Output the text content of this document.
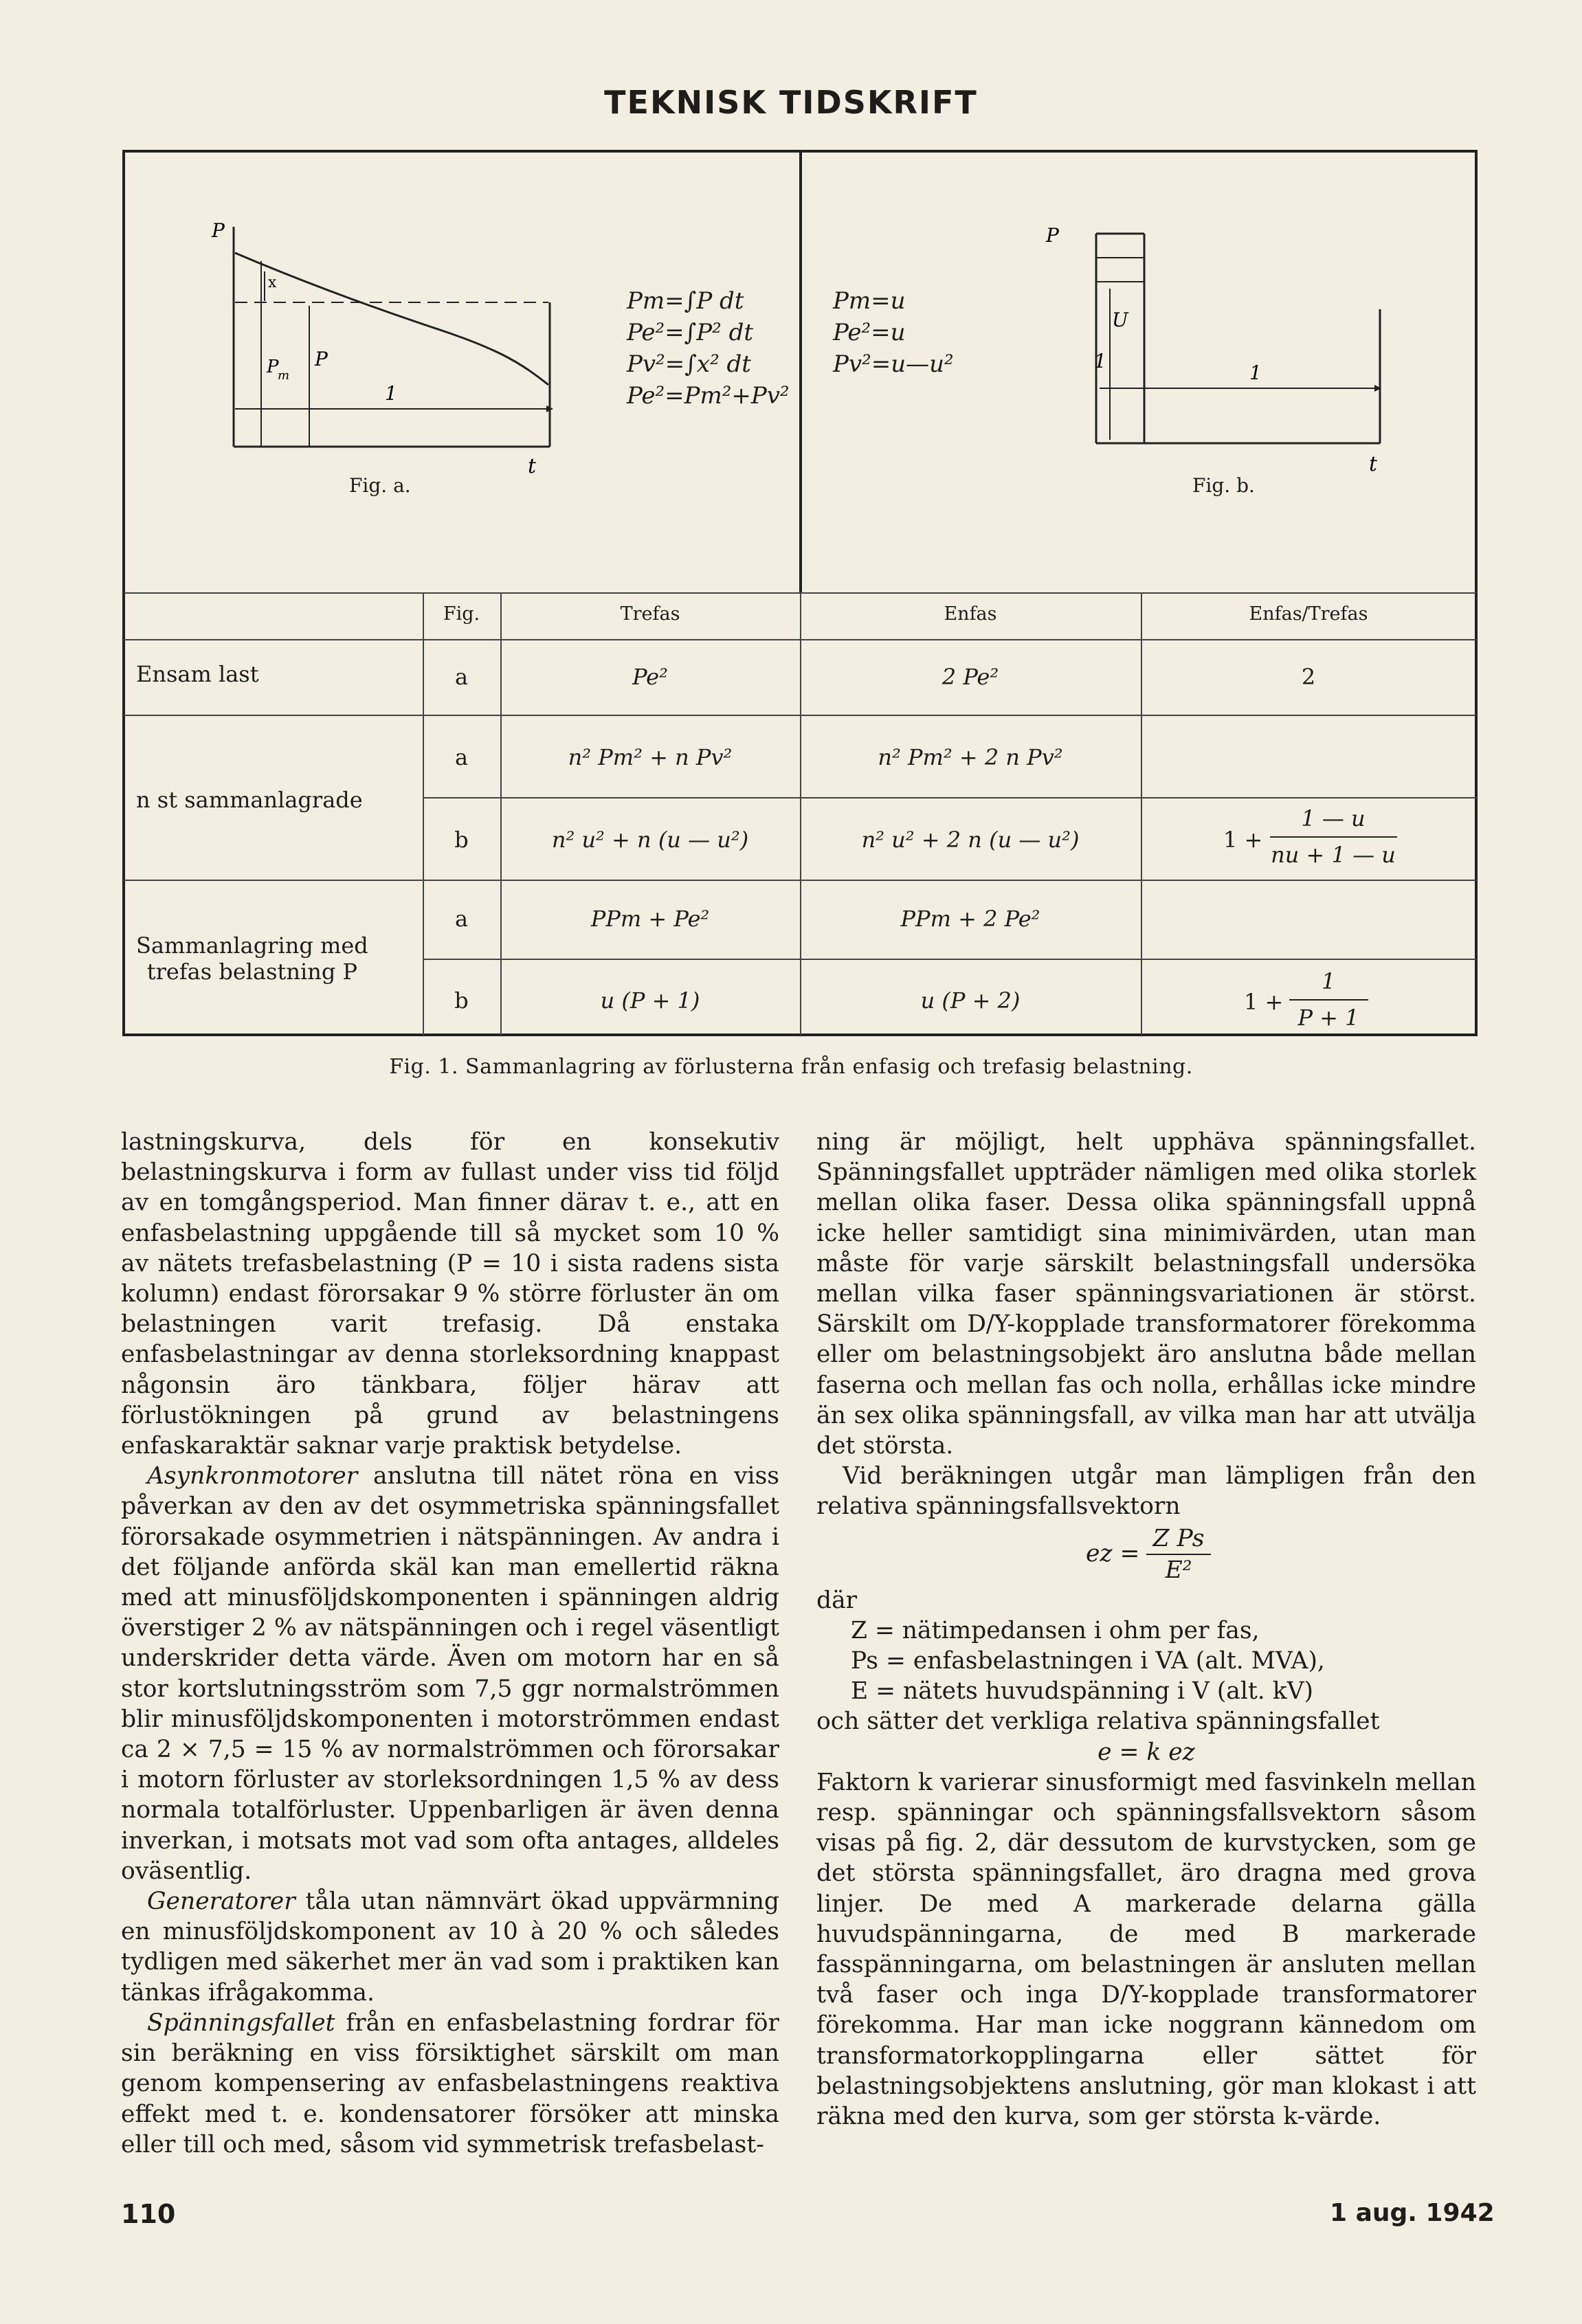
TEKNISK TIDSKRIFT
P
x
P
m
P
1
t
Fig. a.
Pm=∫P dt
Pe²=∫P² dt
Pv²=∫x² dt
Pe²=Pm²+Pv²
Pm=u
Pe²=u
Pv²=u—u²
P
U
1
1
t
Fig. b.
Fig.	Trefas	Enfas	Enfas/Trefas
Ensam last	a	Pe²	2 Pe²	2
n st sammanlagrade
a	n² Pm² + n Pv²	n² Pm² + 2 n Pv²
b	n² u² + n (u — u²)	n² u² + 2 n (u — u²)	1 +
1 — u
nu + 1 — u
Sammanlagring med
trefas belastning P
a	PPm + Pe²	PPm + 2 Pe²
b	u (P + 1)	u (P + 2)	1 +
1
P + 1
Fig. 1. Sammanlagring av förlusterna från enfasig och trefasig belastning.

lastningskurva, dels för en konsekutiv belastningskurva i form av fullast under viss tid följd av en tomgångsperiod. Man finner därav t. e., att en enfasbelastning uppgående till så mycket som 10 % av nätets trefasbelastning (P = 10 i sista radens sista kolumn) endast förorsakar 9 % större förluster än om belastningen varit trefasig. Då enstaka enfasbelastningar av denna storleksordning knappast någonsin äro tänkbara, följer härav att förlustökningen på grund av belastningens enfaskaraktär saknar varje praktisk betydelse.

Asynkronmotorer anslutna till nätet röna en viss påverkan av den av det osymmetriska spänningsfallet förorsakade osymmetrien i nätspänningen. Av andra i det följande anförda skäl kan man emellertid räkna med att minusföljdskomponenten i spänningen aldrig överstiger 2 % av nätspänningen och i regel väsentligt underskrider detta värde. Även om motorn har en så stor kortslutningsström som 7,5 ggr normalströmmen blir minusföljdskomponenten i motorströmmen endast ca 2 × 7,5 = 15 % av normalströmmen och förorsakar i motorn förluster av storleksordningen 1,5 % av dess normala totalförluster. Uppenbarligen är även denna inverkan, i motsats mot vad som ofta antages, alldeles oväsentlig.

Generatorer tåla utan nämnvärt ökad uppvärmning en minusföljdskomponent av 10 à 20 % och således tydligen med säkerhet mer än vad som i praktiken kan tänkas ifrågakomma.

Spänningsfallet från en enfasbelastning fordrar för sin beräkning en viss försiktighet särskilt om man genom kompensering av enfasbelastningens reaktiva effekt med t. e. kondensatorer försöker att minska eller till och med, såsom vid symmetrisk trefasbelast-

ning är möjligt, helt upphäva spänningsfallet. Spänningsfallet uppträder nämligen med olika storlek mellan olika faser. Dessa olika spänningsfall uppnå icke heller samtidigt sina minimivärden, utan man måste för varje särskilt belastningsfall undersöka mellan vilka faser spänningsvariationen är störst. Särskilt om D/Y-kopplade transformatorer förekomma eller om belastningsobjekt äro anslutna både mellan faserna och mellan fas och nolla, erhållas icke mindre än sex olika spänningsfall, av vilka man har att utvälja det största.

Vid beräkningen utgår man lämpligen från den relativa spänningsfallsvektorn

ez =
Z Ps
E²

där

Z = nätimpedansen i ohm per fas,

Ps = enfasbelastningen i VA (alt. MVA),

E = nätets huvudspänning i V (alt. kV)

och sätter det verkliga relativa spänningsfallet

e = k ez

Faktorn k varierar sinusformigt med fasvinkeln mellan resp. spänningar och spänningsfallsvektorn såsom visas på fig. 2, där dessutom de kurvstycken, som ge det största spänningsfallet, äro dragna med grova linjer. De med A markerade delarna gälla huvudspänningarna, de med B markerade fasspänningarna, om belastningen är ansluten mellan två faser och inga D/Y-kopplade transformatorer förekomma. Har man icke noggrann kännedom om transformatorkopplingarna eller sättet för belastningsobjektens anslutning, gör man klokast i att räkna med den kurva, som ger största k-värde.

110	1 aug. 1942
